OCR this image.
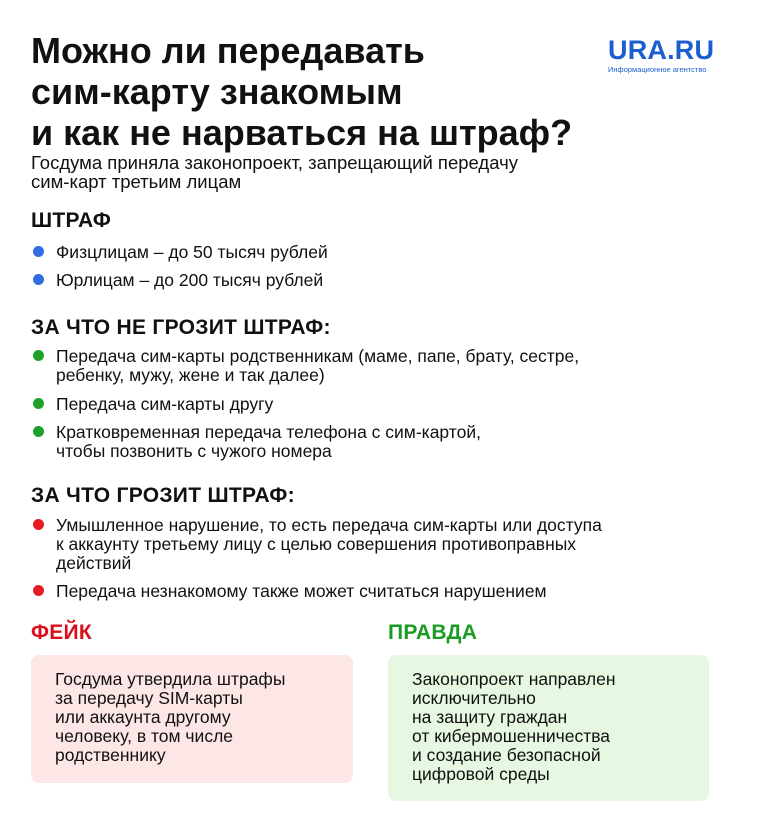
Можно ли передавать
сим-карту знакомым
и как не нарваться на штраф?
URA.RU
Информационное агентство
Госдума приняла законопроект, запрещающий передачу
сим-карт третьим лицам
ШТРАФ
Физцлицам – до 50 тысяч рублей
Юрлицам – до 200 тысяч рублей
ЗА ЧТО НЕ ГРОЗИТ ШТРАФ:
Передача сим-карты родственникам (маме, папе, брату, сестре,
ребенку, мужу, жене и так далее)
Передача сим-карты другу
Кратковременная передача телефона с сим-картой,
чтобы позвонить с чужого номера
ЗА ЧТО ГРОЗИТ ШТРАФ:
Умышленное нарушение, то есть передача сим-карты или доступа
к аккаунту третьему лицу с целью совершения противоправных
действий
Передача незнакомому также может считаться нарушением
ФЕЙК
Госдума утвердила штрафы
за передачу SIM-карты
или аккаунта другому
человеку, в том числе
родственнику
ПРАВДА
Законопроект направлен
исключительно
на защиту граждан
от кибермошенничества
и создание безопасной
цифровой среды
